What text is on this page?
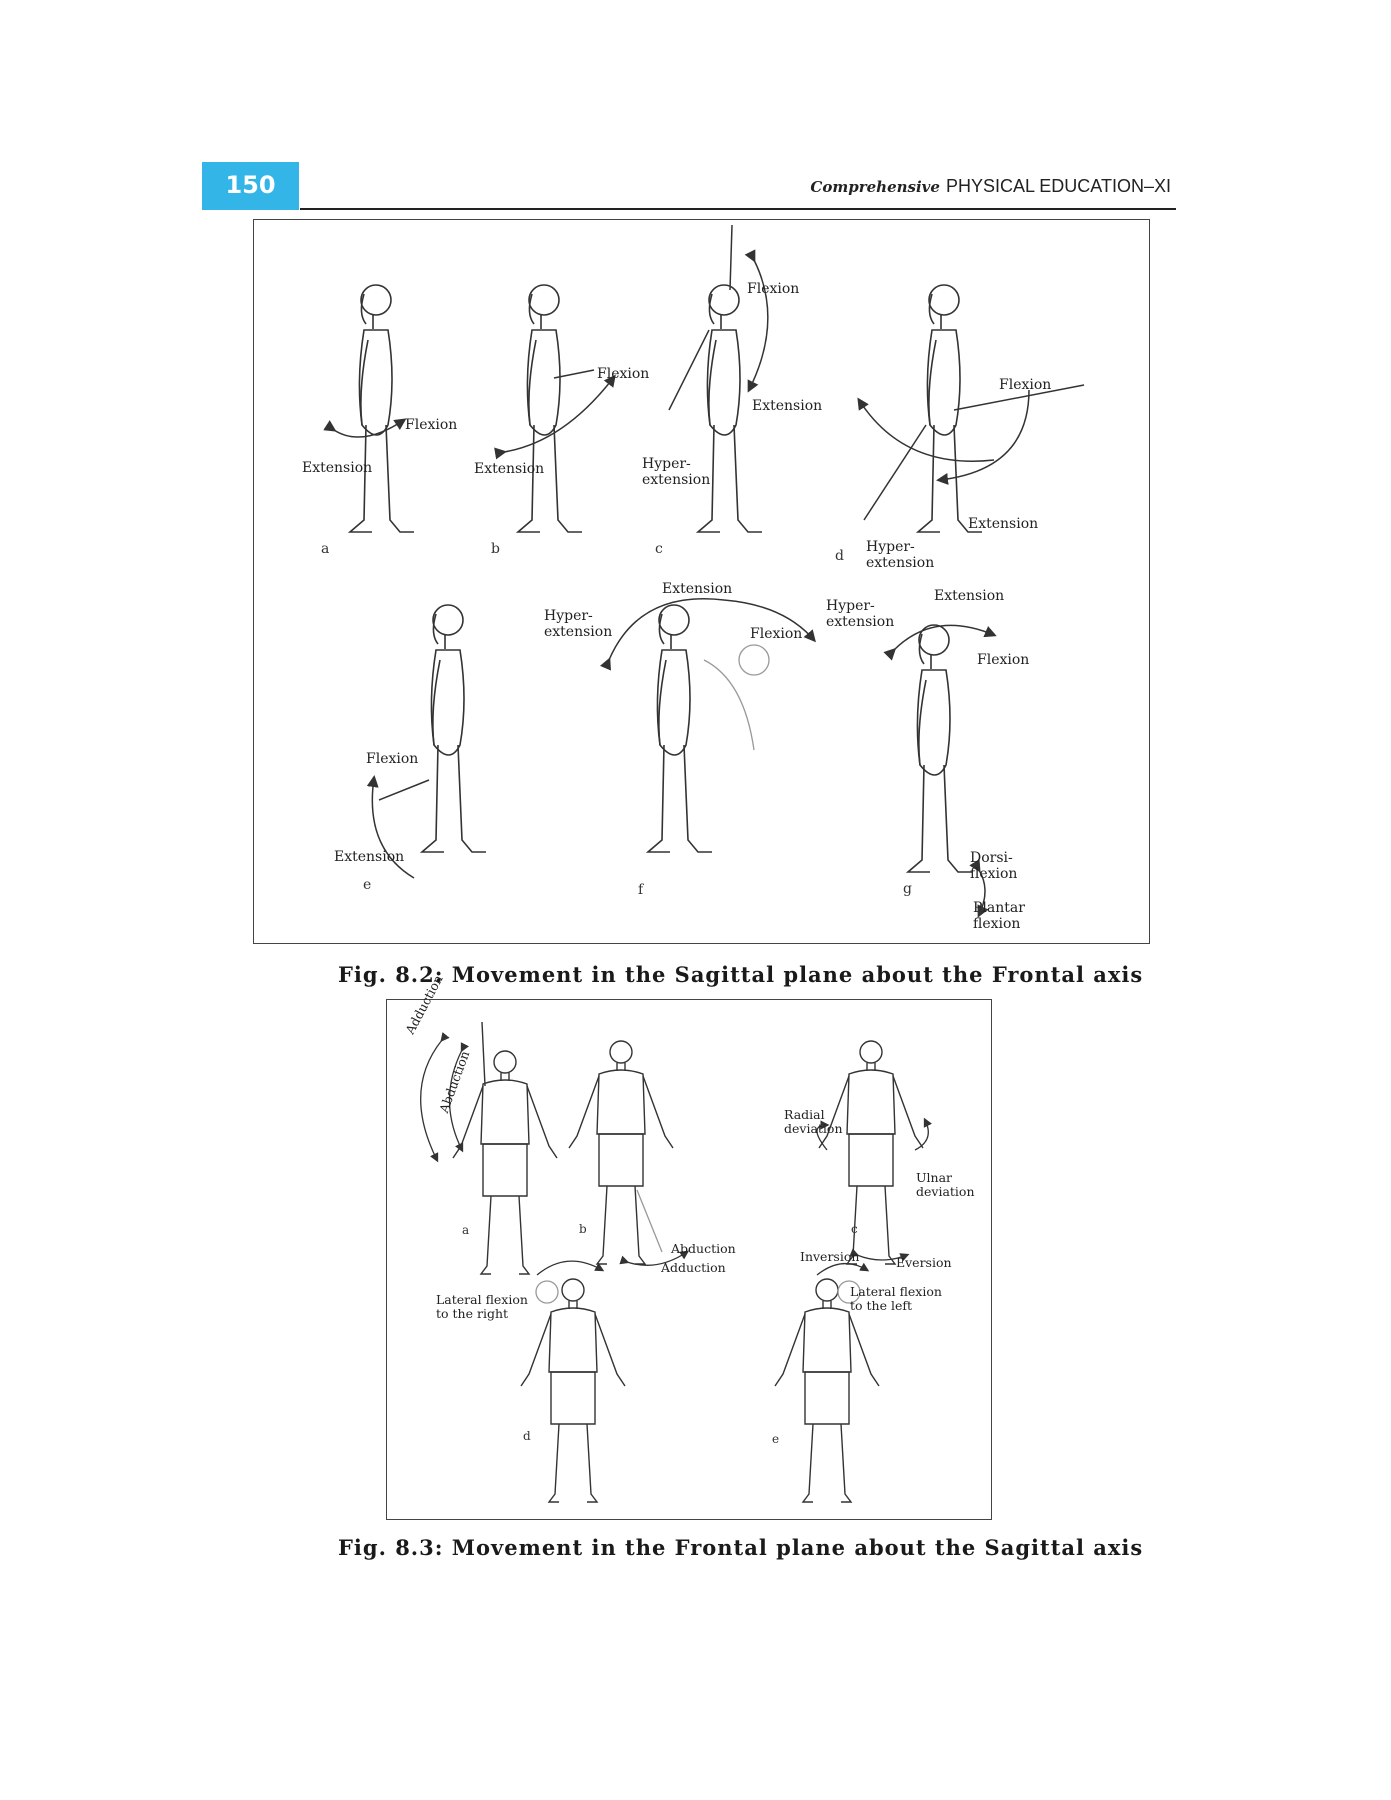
150	Comprehensive PHYSICAL EDUCATION–XI
Flexion
Extension
Flexion
Extension
Flexion
Extension
Hyper-
extension
Flexion
Extension
Hyper-
extension
Flexion
Extension
Extension
Hyper-
extension	Flexion
Hyper-
extension
Extension
Flexion
Dorsi-
flexion
Plantar
flexion
a	b	c	d
e	f	g
Fig. 8.2: Movement in the Sagittal plane about the Frontal axis
Adduction
Abduction
Abduction
Adduction
Radial
deviation
Ulnar
deviation
Inversion	Eversion
Lateral flexion
to the right
Lateral flexion
to the left
a	b	c
d	e
Fig. 8.3: Movement in the Frontal plane about the Sagittal axis
